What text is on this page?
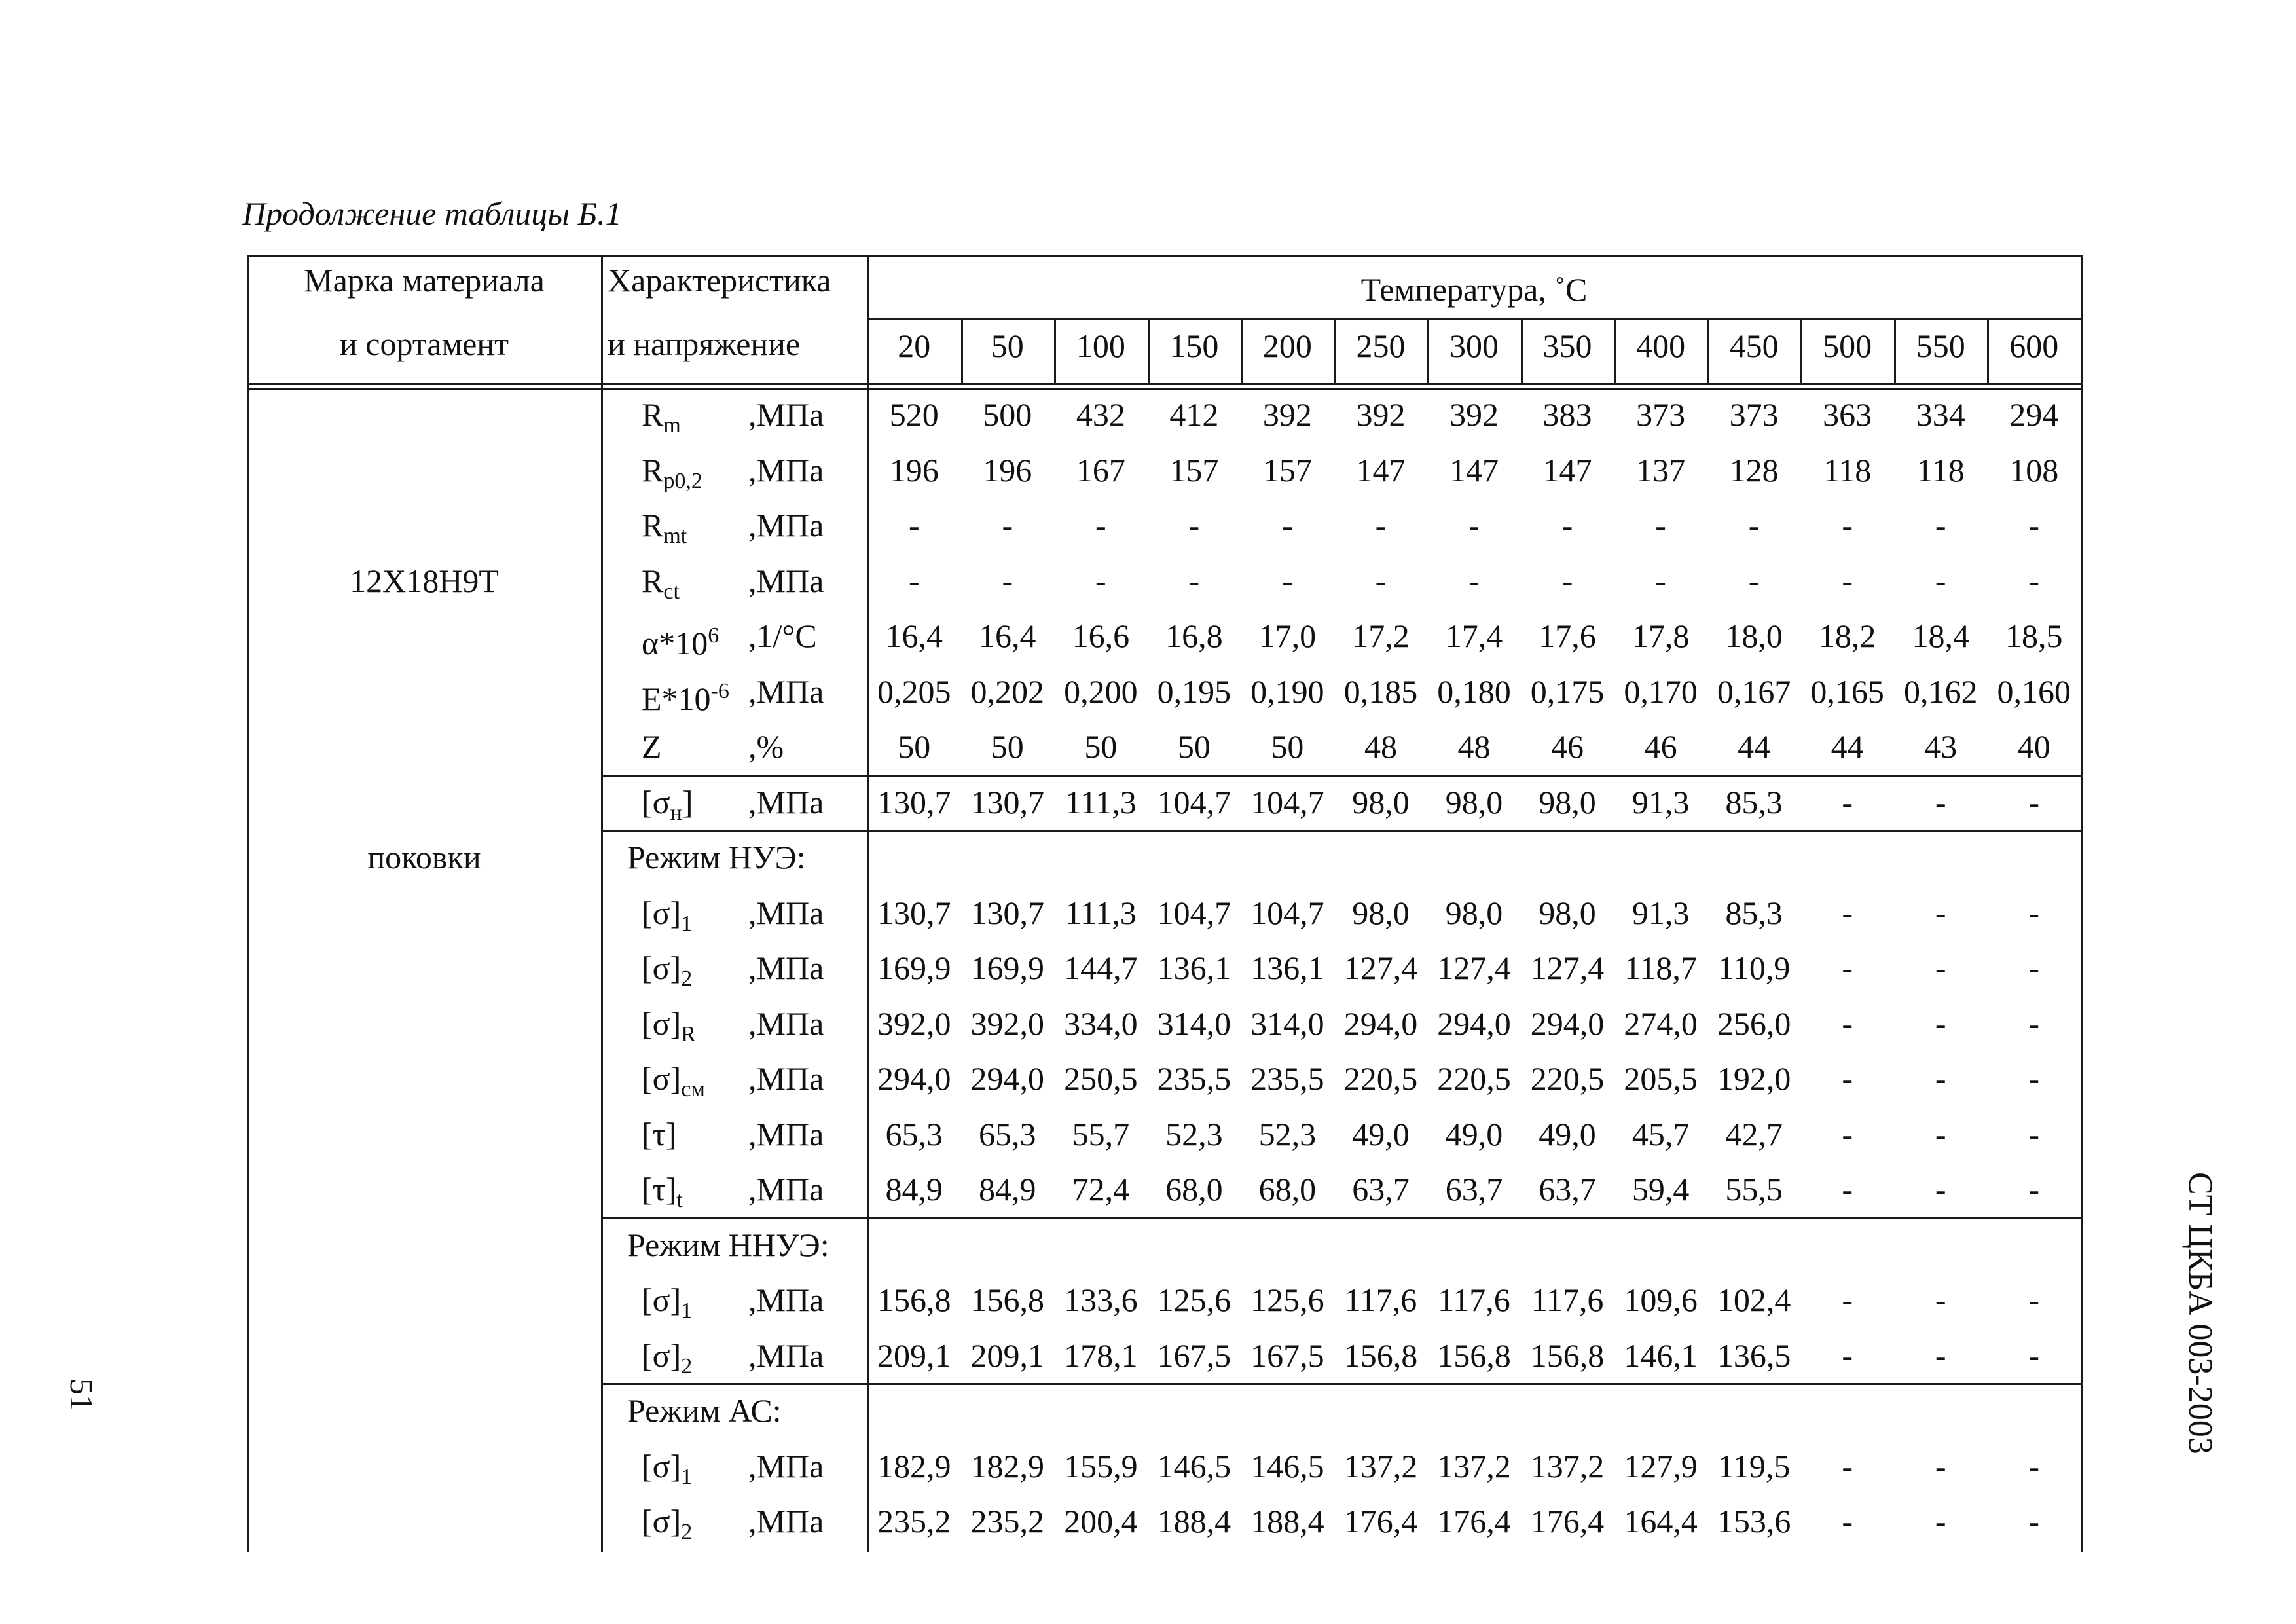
Продолжение таблицы Б.1
Марка материала
и сортамент
Характеристика
и напряжение
Температура, ˚С
20	50	100	150	200	250	300	350	400	450	500	550	600
$R_m$	,МПа	520	500	432	412	392	392	392	383	373	373	363	334	294
$R_{p0,2}$	,МПа	196	196	167	157	157	147	147	147	137	128	118	118	108
$R_{mt}$	,МПа	-	-	-	-	-	-	-	-	-	-	-	-	-
$R_{ct}$	,МПа	-	-	-	-	-	-	-	-	-	-	-	-	-
$\alpha*10^6$ ,1/°С	16,4	16,4	16,6	16,8	17,0	17,2	17,4	17,6	17,8	18,0	18,2	18,4	18,5
$E*10^{-6}$ ,МПа	0,205 0,202 0,200 0,195 0,190 0,185 0,180 0,175 0,170 0,167 0,165 0,162 0,160
Z	,%	50	50	50	50	50	48	48	46	46	44	44	43	40
$[\sigma_н]$	,МПа	130,7 130,7 111,3 104,7 104,7 98,0	98,0	98,0	91,3	85,3	-	-	-
Режим НУЭ:
$[\sigma]_1$	,МПа	130,7 130,7 111,3 104,7 104,7 98,0	98,0	98,0	91,3	85,3	-	-	-
$[\sigma]_2$	,МПа	169,9 169,9 144,7 136,1 136,1 127,4 127,4 127,4 118,7 110,9	-	-	-
$[\sigma]_R$	,МПа	392,0 392,0 334,0 314,0 314,0 294,0 294,0 294,0 274,0 256,0	-	-	-
$[\sigma]_{см}$	,МПа	294,0 294,0 250,5 235,5 235,5 220,5 220,5 220,5 205,5 192,0	-	-	-
[τ]	,МПа	65,3	65,3	55,7	52,3	52,3	49,0	49,0	49,0	45,7	42,7	-	-	-
$[\tau]_t$	,МПа	84,9	84,9	72,4	68,0	68,0	63,7	63,7	63,7	59,4	55,5	-	-	-
Режим ННУЭ:
$[\sigma]_1$	,МПа	156,8 156,8 133,6 125,6 125,6 117,6 117,6 117,6 109,6 102,4	-	-	-
$[\sigma]_2$	,МПа	209,1 209,1 178,1 167,5 167,5 156,8 156,8 156,8 146,1 136,5	-	-	-
Режим АС:
$[\sigma]_1$	,МПа	182,9 182,9 155,9 146,5 146,5 137,2 137,2 137,2 127,9 119,5	-	-	-
$[\sigma]_2$	,МПа	235,2 235,2 200,4 188,4 188,4 176,4 176,4 176,4 164,4 153,6	-	-	-
12Х18Н9Т
поковки
51	СТ ЦКБА 003-2003
